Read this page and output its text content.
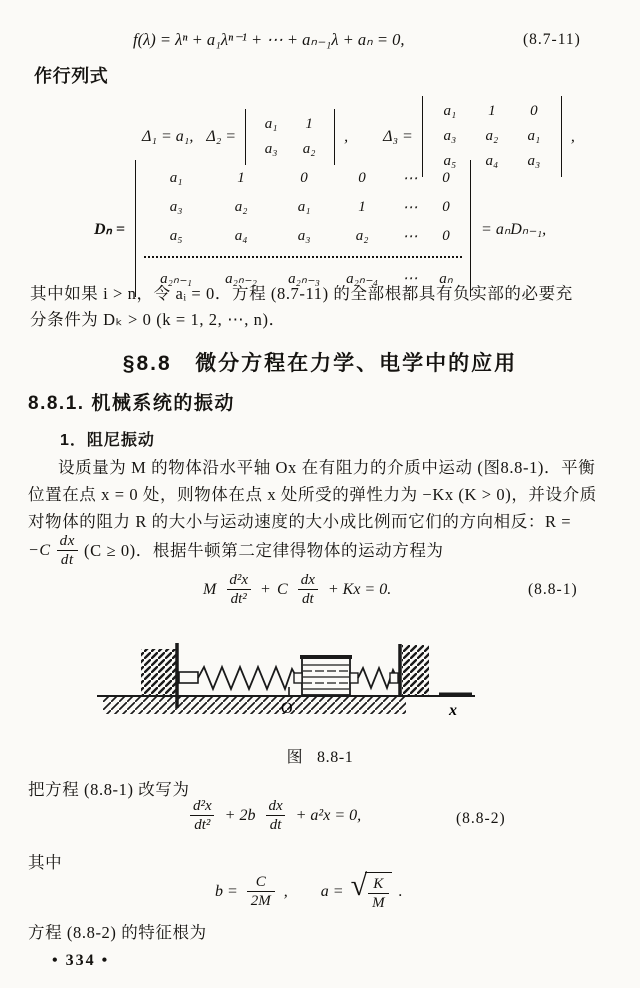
f(λ) = λⁿ + a₁λⁿ⁻¹ + ⋯ + aₙ₋₁λ + aₙ = 0,	(8.7-11)
作行列式
Δ₁ = a₁, Δ₂ =
a₁	1
a₃	a₂
, Δ₃ =
a₁	1	0
a₃	a₂	a₁
a₅	a₄	a₃
,
Dₙ =
a₁	1	0	0 ⋯ 0
a₃	a₂	a₁	1 ⋯ 0
a₅	a₄	a₃	a₂ ⋯ 0
a₂ₙ₋₁ a₂ₙ₋₂ a₂ₙ₋₃ a₂ₙ₋₄ ⋯ aₙ
= aₙDₙ₋₁,
其中如果 i > n，令 aᵢ = 0．方程 (8.7-11) 的全部根都具有负实部的必要充
分条件为 Dₖ > 0 (k = 1, 2, ⋯, n)．
§8.8 微分方程在力学、电学中的应用
8.8.1. 机械系统的振动
1．阻尼振动
设质量为 M 的物体沿水平轴 Ox 在有阻力的介质中运动 (图8.8-1)．平衡
位置在点 x = 0 处，则物体在点 x 处所受的弹性力为 −Kx (K > 0)，并设介质
对物体的阻力 R 的大小与运动速度的大小成比例而它们的方向相反：R =
$-C \frac{dx}{dt} (C \ge 0)$．根据牛顿第二定律得物体的运动方程为
M $\frac{\text{d²x}}{\text{dt²}} + C \frac{dx}{dt} + Kx = 0$.	(8.8-1)
O	x
图   8.8-1
把方程 (8.8-1) 改写为
$\frac{\text{d²x}}{\text{dt²}} + 2b \frac{dx}{dt} + a^2x = 0$,	(8.8-2)
其中
$b = \frac{C}{2M}$ , a = √ $\frac{K}{M}$ .
方程 (8.8-2) 的特征根为
• 334 •
